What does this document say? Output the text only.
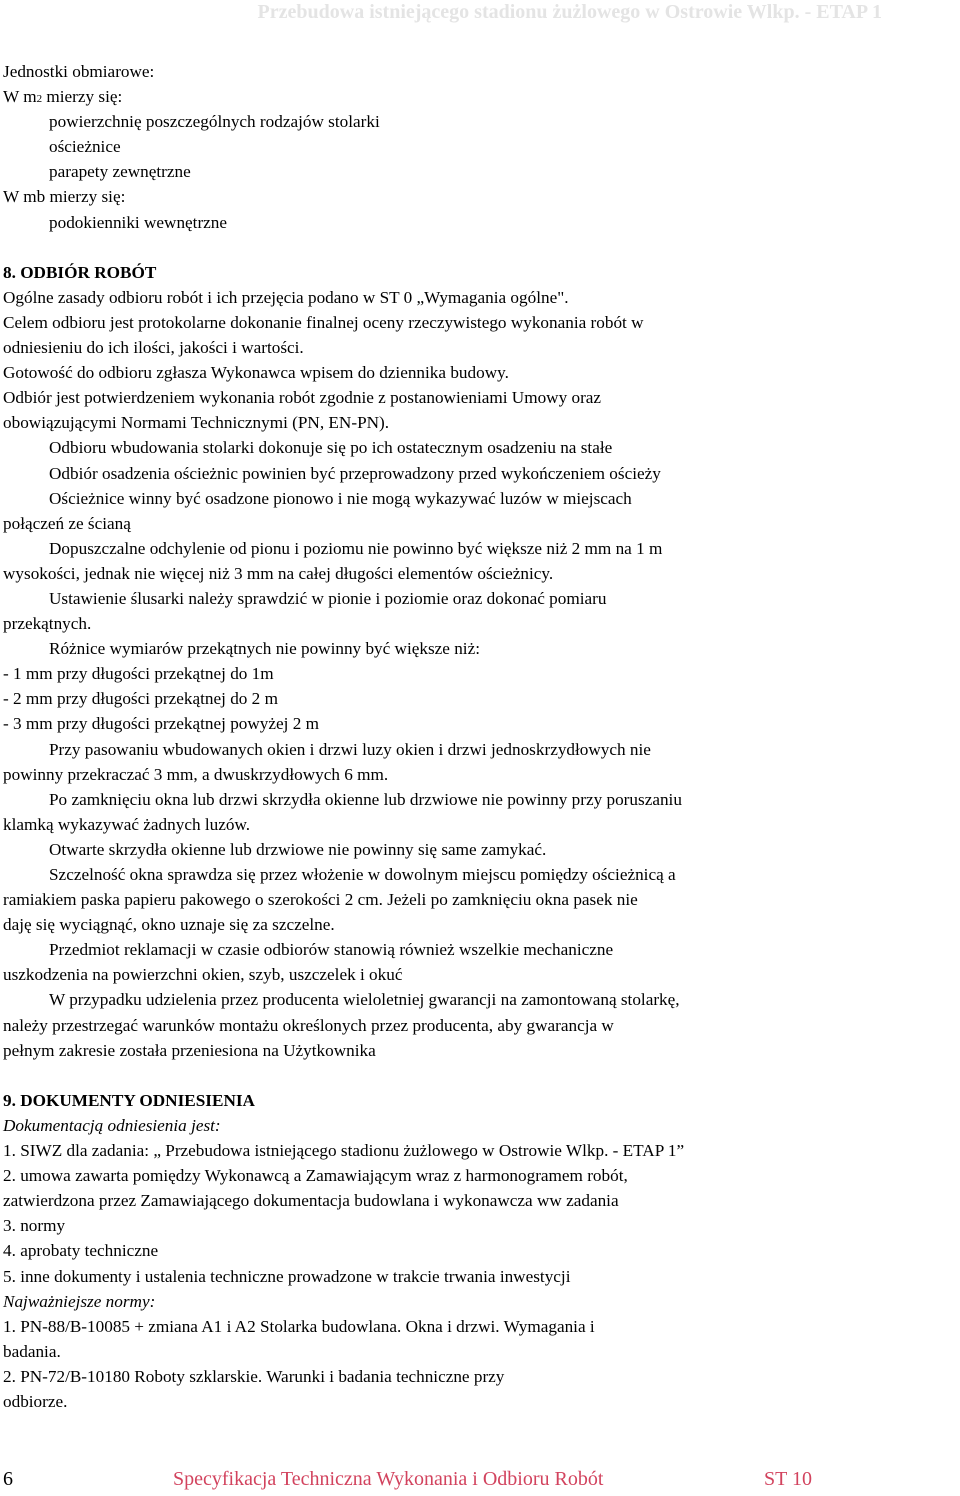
Przebudowa istniejącego stadionu żużlowego w Ostrowie Wlkp. - ETAP 1
Jednostki obmiarowe:
W m2 mierzy się:
powierzchnię poszczególnych rodzajów stolarki
ościeżnice
parapety zewnętrzne
W mb mierzy się:
podokienniki wewnętrzne
8. ODBIÓR ROBÓT
Ogólne zasady odbioru robót i ich przejęcia podano w ST 0 „Wymagania ogólne".
Celem odbioru jest protokolarne dokonanie finalnej oceny rzeczywistego wykonania robót w
odniesieniu do ich ilości, jakości i wartości.
Gotowość do odbioru zgłasza Wykonawca wpisem do dziennika budowy.
Odbiór jest potwierdzeniem wykonania robót zgodnie z postanowieniami Umowy oraz
obowiązującymi Normami Technicznymi (PN, EN-PN).
Odbioru wbudowania stolarki dokonuje się po ich ostatecznym osadzeniu na stałe
Odbiór osadzenia ościeżnic powinien być przeprowadzony przed wykończeniem ościeży
Ościeżnice winny być osadzone pionowo i nie mogą wykazywać luzów w miejscach
połączeń ze ścianą
Dopuszczalne odchylenie od pionu i poziomu nie powinno być większe niż 2 mm na 1 m
wysokości, jednak nie więcej niż 3 mm na całej długości elementów ościeżnicy.
Ustawienie ślusarki należy sprawdzić w pionie i poziomie oraz dokonać pomiaru
przekątnych.
Różnice wymiarów przekątnych nie powinny być większe niż:
- 1 mm przy długości przekątnej do 1m
- 2 mm przy długości przekątnej do 2 m
- 3 mm przy długości przekątnej powyżej 2 m
Przy pasowaniu wbudowanych okien i drzwi luzy okien i drzwi jednoskrzydłowych nie
powinny przekraczać 3 mm, a dwuskrzydłowych 6 mm.
Po zamknięciu okna lub drzwi skrzydła okienne lub drzwiowe nie powinny przy poruszaniu
klamką wykazywać żadnych luzów.
Otwarte skrzydła okienne lub drzwiowe nie powinny się same zamykać.
Szczelność okna sprawdza się przez włożenie w dowolnym miejscu pomiędzy ościeżnicą a
ramiakiem paska papieru pakowego o szerokości 2 cm. Jeżeli po zamknięciu okna pasek nie
daję się wyciągnąć, okno uznaje się za szczelne.
Przedmiot reklamacji w czasie odbiorów stanowią również wszelkie mechaniczne
uszkodzenia na powierzchni okien, szyb, uszczelek i okuć
W przypadku udzielenia przez producenta wieloletniej gwarancji na zamontowaną stolarkę,
należy przestrzegać warunków montażu określonych przez producenta, aby gwarancja w
pełnym zakresie została przeniesiona na Użytkownika
9. DOKUMENTY ODNIESIENIA
Dokumentacją odniesienia jest:
1. SIWZ dla zadania: „ Przebudowa istniejącego stadionu żużlowego w Ostrowie Wlkp. - ETAP 1”
2. umowa zawarta pomiędzy Wykonawcą a Zamawiającym wraz z harmonogramem robót,
zatwierdzona przez Zamawiającego dokumentacja budowlana i wykonawcza ww zadania
3. normy
4. aprobaty techniczne
5. inne dokumenty i ustalenia techniczne prowadzone w trakcie trwania inwestycji
Najważniejsze normy:
1. PN-88/B-10085 + zmiana A1 i A2 Stolarka budowlana. Okna i drzwi. Wymagania i
badania.
2. PN-72/B-10180 Roboty szklarskie. Warunki i badania techniczne przy
odbiorze.
6	Specyfikacja Techniczna Wykonania i Odbioru Robót	ST 10
